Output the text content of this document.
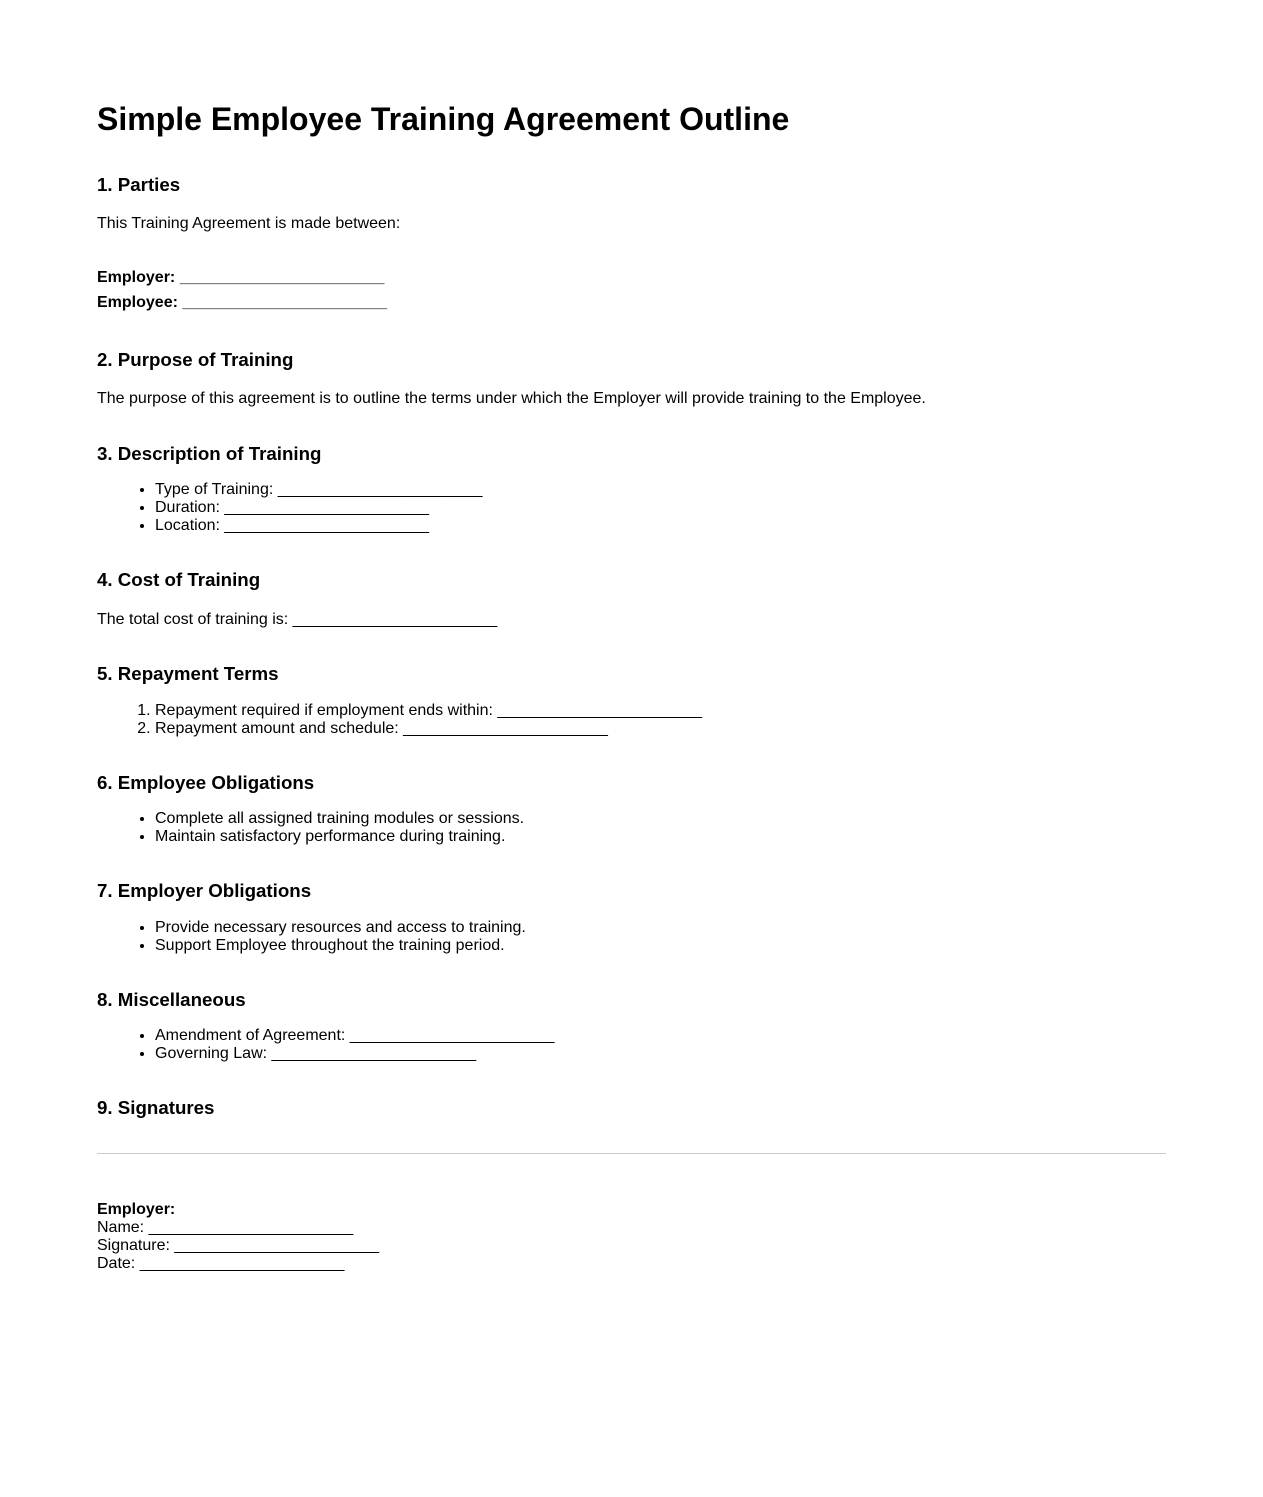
Simple Employee Training Agreement Outline
1. Parties

This Training Agreement is made between:

Employer: _______________________
Employee: _______________________
2. Purpose of Training

The purpose of this agreement is to outline the terms under which the Employer will provide training to the Employee.

3. Description of Training
• Type of Training: _______________________
• Duration: _______________________
• Location: _______________________
4. Cost of Training

The total cost of training is: _______________________

5. Repayment Terms
1. Repayment required if employment ends within: _______________________
2. Repayment amount and schedule: _______________________
6. Employee Obligations
• Complete all assigned training modules or sessions.
• Maintain satisfactory performance during training.
7. Employer Obligations
• Provide necessary resources and access to training.
• Support Employee throughout the training period.
8. Miscellaneous
• Amendment of Agreement: _______________________
• Governing Law: _______________________
9. Signatures
Employer:
Name: _______________________
Signature: _______________________
Date: _______________________
